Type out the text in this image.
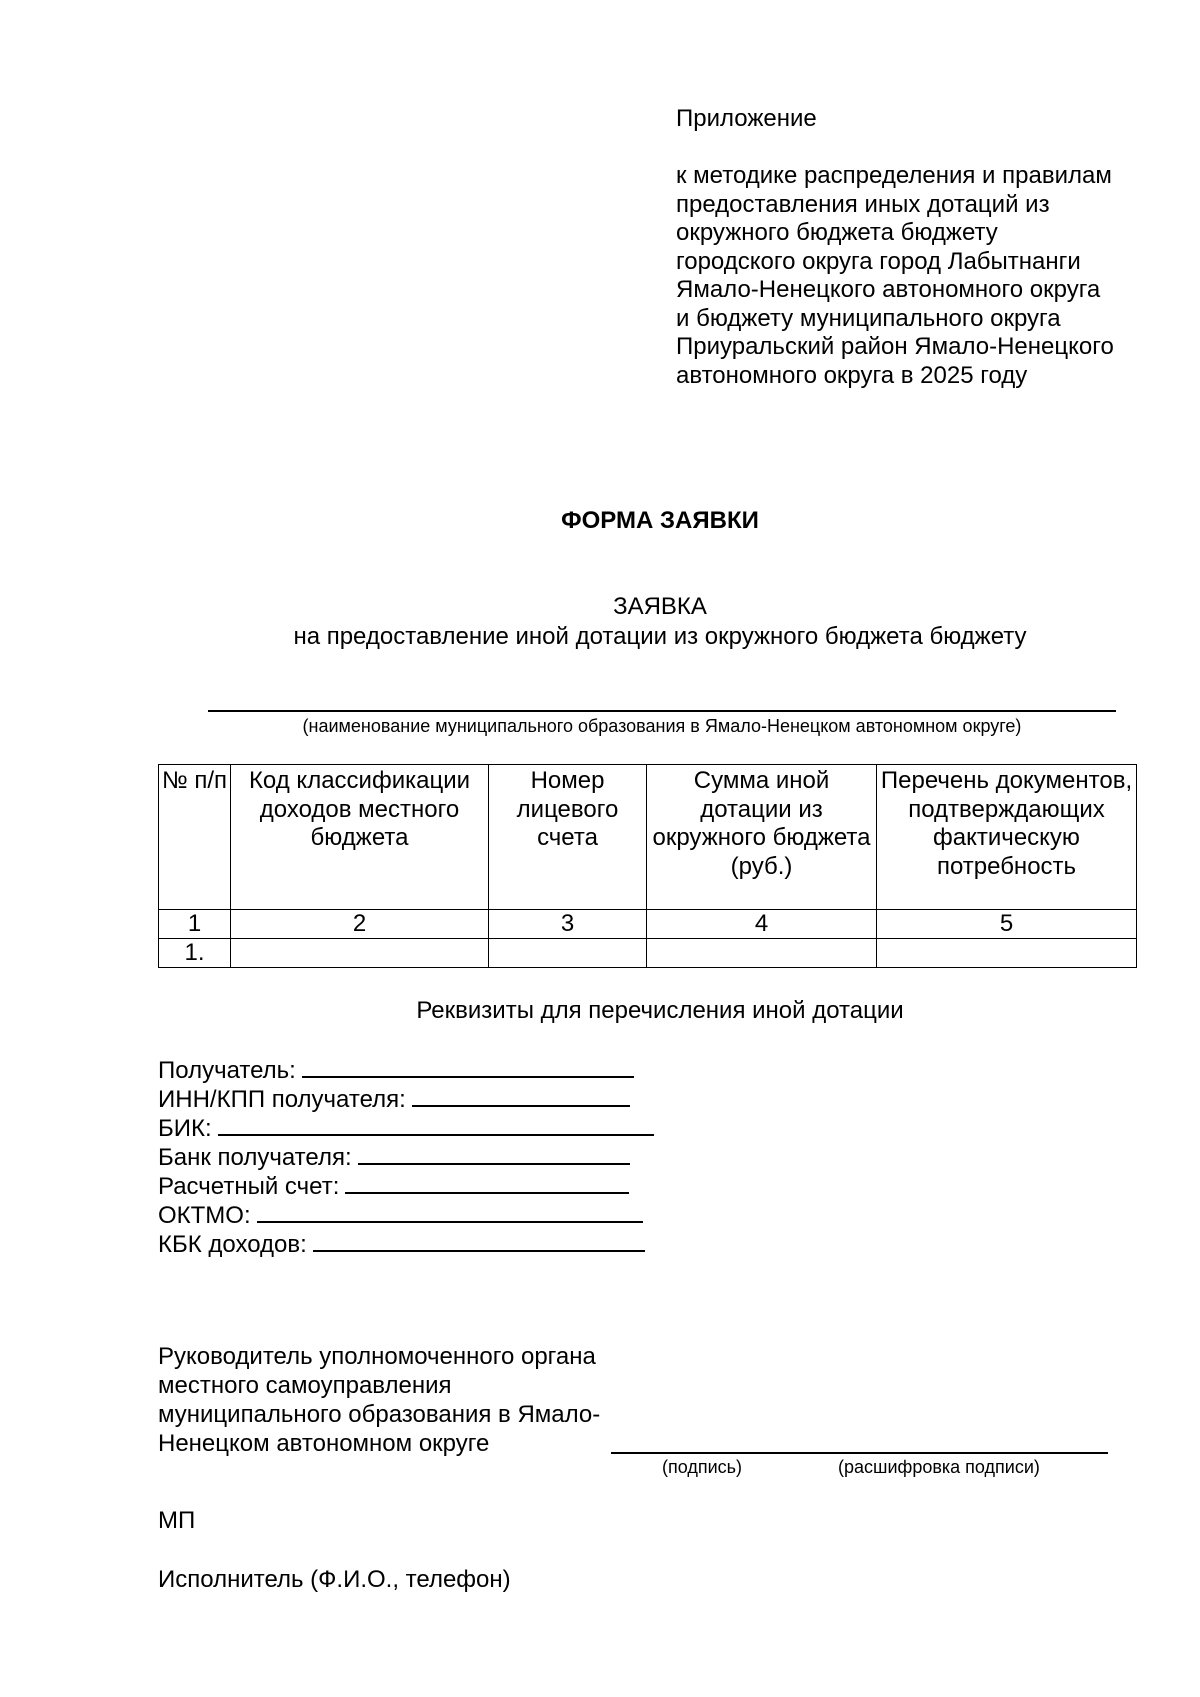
Приложение

к методике распределения и правилам предоставления иных дотаций из окружного бюджета бюджету городского округа город Лабытнанги Ямало-Ненецкого автономного округа и бюджету муниципального округа Приуральский район Ямало-Ненецкого автономного округа в 2025 году

ФОРМА ЗАЯВКИ

ЗАЯВКА

на предоставление иной дотации из окружного бюджета бюджету

(наименование муниципального образования в Ямало-Ненецком автономном округе)
№ п/п	Код классификации доходов местного бюджета	Номер лицевого счета	Сумма иной дотации из окружного бюджета (руб.)	Перечень документов, подтверждающих фактическую потребность
1	2	3	4	5
1.				

Реквизиты для перечисления иной дотации

Получатель:
ИНН/КПП получателя:
БИК:
Банк получателя:
Расчетный счет:
ОКТМО:
КБК доходов:

Руководитель уполномоченного органа местного самоуправления муниципального образования в Ямало-Ненецком автономном округе

(подпись)	(расшифровка подписи)
МП
Исполнитель (Ф.И.О., телефон)
